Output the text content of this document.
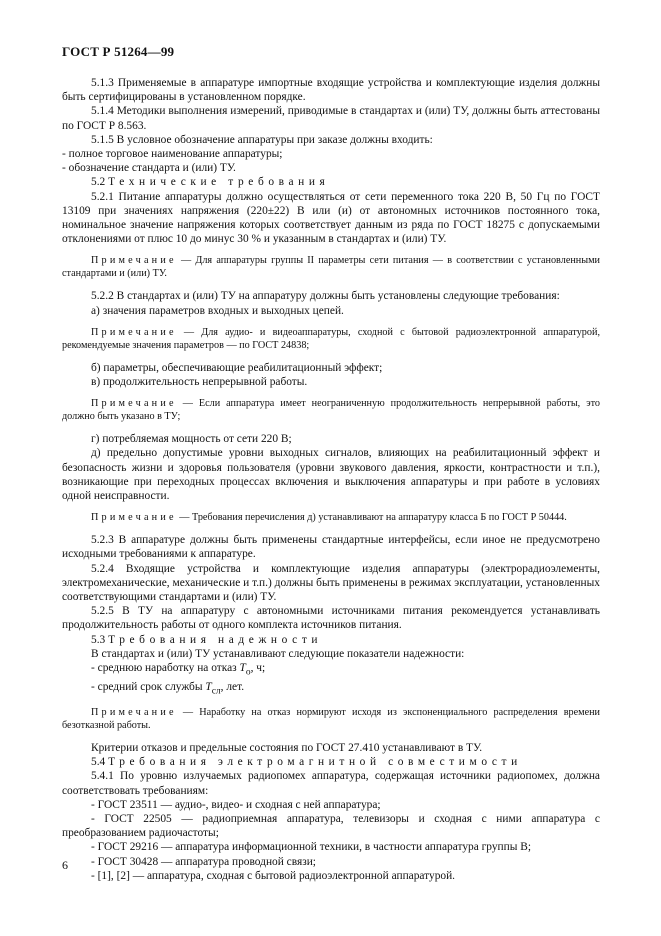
ГОСТ Р 51264—99

5.1.3 Применяемые в аппаратуре импортные входящие устройства и комплектующие изделия должны быть сертифицированы в установленном порядке.

5.1.4 Методики выполнения измерений, приводимые в стандартах и (или) ТУ, должны быть аттестованы по ГОСТ Р 8.563.

5.1.5 В условное обозначение аппаратуры при заказе должны входить:

- полное торговое наименование аппаратуры;

- обозначение стандарта и (или) ТУ.

5.2 Технические требования

5.2.1 Питание аппаратуры должно осуществляться от сети переменного тока 220 В, 50 Гц по ГОСТ 13109 при значениях напряжения (220±22) В или (и) от автономных источников постоянного тока, номинальное значение напряжения которых соответствует данным из ряда по ГОСТ 18275 с допускаемыми отклонениями от плюс 10 до минус 30 % и указанным в стандартах и (или) ТУ.

Примечание — Для аппаратуры группы II параметры сети питания — в соответствии с установленными стандартами и (или) ТУ.

5.2.2 В стандартах и (или) ТУ на аппаратуру должны быть установлены следующие требования:

а) значения параметров входных и выходных цепей.

Примечание — Для аудио- и видеоаппаратуры, сходной с бытовой радиоэлектронной аппаратурой, рекомендуемые значения параметров — по ГОСТ 24838;

б) параметры, обеспечивающие реабилитационный эффект;

в) продолжительность непрерывной работы.

Примечание — Если аппаратура имеет неограниченную продолжительность непрерывной работы, это должно быть указано в ТУ;

г) потребляемая мощность от сети 220 В;

д) предельно допустимые уровни выходных сигналов, влияющих на реабилитационный эффект и безопасность жизни и здоровья пользователя (уровни звукового давления, яркости, контрастности и т.п.), возникающие при переходных процессах включения и выключения аппаратуры и при работе в условиях одной неисправности.

Примечание — Требования перечисления д) устанавливают на аппаратуру класса Б по ГОСТ Р 50444.

5.2.3 В аппаратуре должны быть применены стандартные интерфейсы, если иное не предусмотрено исходными требованиями к аппаратуре.

5.2.4 Входящие устройства и комплектующие изделия аппаратуры (электрорадиоэлементы, электромеханические, механические и т.п.) должны быть применены в режимах эксплуатации, установленных соответствующими стандартами и (или) ТУ.

5.2.5 В ТУ на аппаратуру с автономными источниками питания рекомендуется устанавливать продолжительность работы от одного комплекта источников питания.

5.3 Требования надежности

В стандартах и (или) ТУ устанавливают следующие показатели надежности:

- среднюю наработку на отказ $T_o$, ч;

- средний срок службы $T_{сл}$, лет.

Примечание — Наработку на отказ нормируют исходя из экспоненциального распределения времени безотказной работы.

Критерии отказов и предельные состояния по ГОСТ 27.410 устанавливают в ТУ.

5.4 Требования электромагнитной совместимости

5.4.1 По уровню излучаемых радиопомех аппаратура, содержащая источники радиопомех, должна соответствовать требованиям:

- ГОСТ 23511 — аудио-, видео- и сходная с ней аппаратура;

- ГОСТ 22505 — радиоприемная аппаратура, телевизоры и сходная с ними аппаратура с преобразованием радиочастоты;

- ГОСТ 29216 — аппаратура информационной техники, в частности аппаратура группы В;

- ГОСТ 30428 — аппаратура проводной связи;

- [1], [2] — аппаратура, сходная с бытовой радиоэлектронной аппаратурой.

6
